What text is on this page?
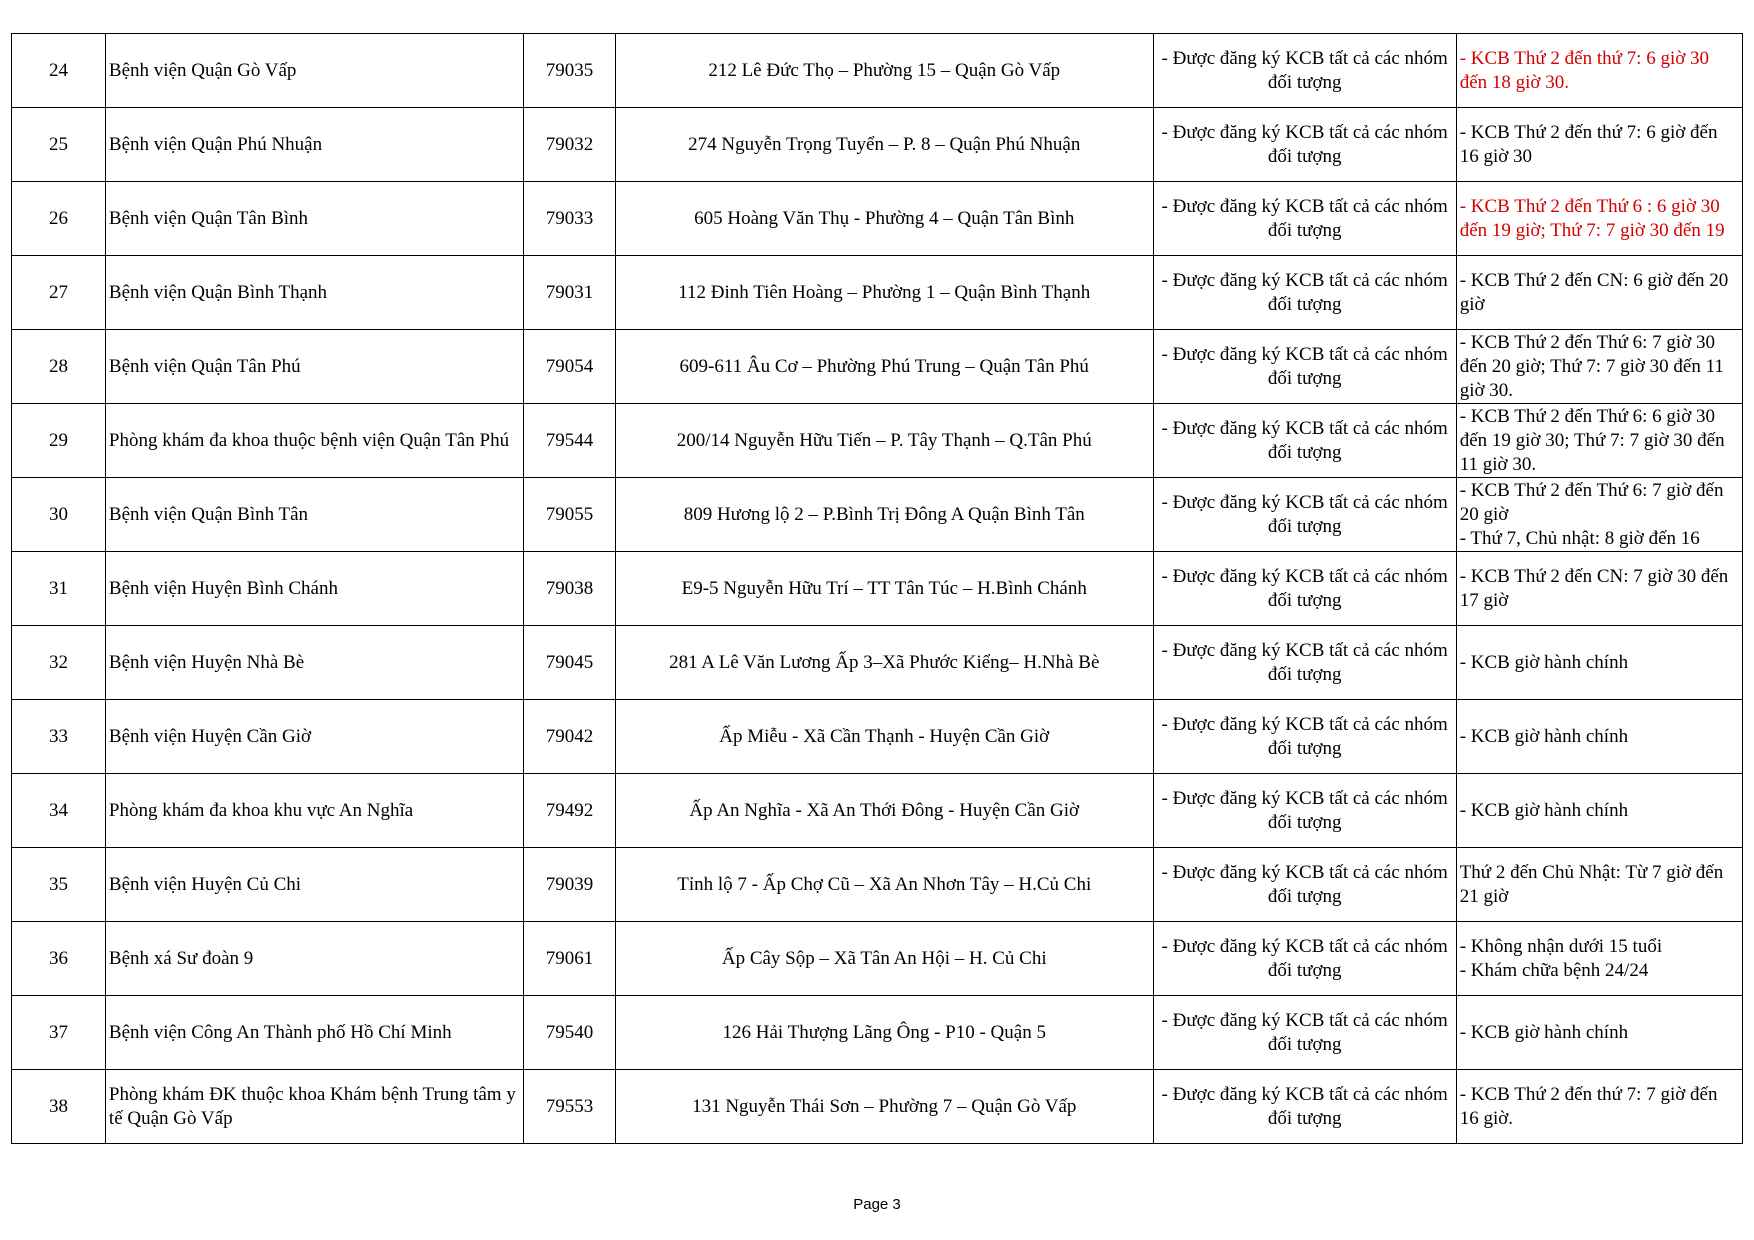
24	Bệnh viện Quận Gò Vấp	79035	212 Lê Đức Thọ – Phường 15 – Quận Gò Vấp	- Được đăng ký KCB tất cả các nhóm đối tượng	- KCB Thứ 2 đến thứ 7: 6 giờ 30 đến 18 giờ 30.
25	Bệnh viện Quận Phú Nhuận	79032	274 Nguyễn Trọng Tuyển – P. 8 – Quận Phú Nhuận	- Được đăng ký KCB tất cả các nhóm đối tượng	- KCB Thứ 2 đến thứ 7: 6 giờ đến 16 giờ 30
26	Bệnh viện Quận Tân Bình	79033	605 Hoàng Văn Thụ - Phường 4 – Quận Tân Bình	- Được đăng ký KCB tất cả các nhóm đối tượng	- KCB Thứ 2 đến Thứ 6 : 6 giờ 30 đến 19 giờ; Thứ 7: 7 giờ 30 đến 19
27	Bệnh viện Quận Bình Thạnh	79031	112 Đinh Tiên Hoàng – Phường 1 – Quận Bình Thạnh	- Được đăng ký KCB tất cả các nhóm đối tượng	- KCB Thứ 2 đến CN: 6 giờ đến 20 giờ
28	Bệnh viện Quận Tân Phú	79054	609-611 Âu Cơ – Phường Phú Trung – Quận Tân Phú	- Được đăng ký KCB tất cả các nhóm đối tượng	- KCB Thứ 2 đến Thứ 6: 7 giờ 30 đến 20 giờ; Thứ 7: 7 giờ 30 đến 11 giờ 30.
29	Phòng khám đa khoa thuộc bệnh viện Quận Tân Phú	79544	200/14 Nguyễn Hữu Tiến – P. Tây Thạnh – Q.Tân Phú	- Được đăng ký KCB tất cả các nhóm đối tượng	- KCB Thứ 2 đến Thứ 6: 6 giờ 30 đến 19 giờ 30; Thứ 7: 7 giờ 30 đến 11 giờ 30.
30	Bệnh viện Quận Bình Tân	79055	809 Hương lộ 2 – P.Bình Trị Đông A Quận Bình Tân	- Được đăng ký KCB tất cả các nhóm đối tượng	- KCB Thứ 2 đến Thứ 6: 7 giờ đến 20 giờ
- Thứ 7, Chủ nhật: 8 giờ đến 16
31	Bệnh viện Huyện Bình Chánh	79038	E9-5 Nguyễn Hữu Trí – TT Tân Túc – H.Bình Chánh	- Được đăng ký KCB tất cả các nhóm đối tượng	- KCB Thứ 2 đến CN: 7 giờ 30 đến 17 giờ
32	Bệnh viện Huyện Nhà Bè	79045	281 A Lê Văn Lương Ấp 3–Xã Phước Kiểng– H.Nhà Bè	- Được đăng ký KCB tất cả các nhóm đối tượng	- KCB giờ hành chính
33	Bệnh viện Huyện Cần Giờ	79042	Ấp Miễu - Xã Cần Thạnh - Huyện Cần Giờ	- Được đăng ký KCB tất cả các nhóm đối tượng	- KCB giờ hành chính
34	Phòng khám đa khoa khu vực An Nghĩa	79492	Ấp An Nghĩa - Xã An Thới Đông - Huyện Cần Giờ	- Được đăng ký KCB tất cả các nhóm đối tượng	- KCB giờ hành chính
35	Bệnh viện Huyện Củ Chi	79039	Tỉnh lộ 7 - Ấp Chợ Cũ – Xã An Nhơn Tây – H.Củ Chi	- Được đăng ký KCB tất cả các nhóm đối tượng	Thứ 2 đến Chủ Nhật: Từ 7 giờ đến 21 giờ
36	Bệnh xá Sư đoàn 9	79061	Ấp Cây Sộp – Xã Tân An Hội – H. Củ Chi	- Được đăng ký KCB tất cả các nhóm đối tượng	- Không nhận dưới 15 tuổi
- Khám chữa bệnh 24/24
37	Bệnh viện Công An Thành phố Hồ Chí Minh	79540	126 Hải Thượng Lãng Ông - P10 - Quận 5	- Được đăng ký KCB tất cả các nhóm đối tượng	- KCB giờ hành chính
38	Phòng khám ĐK thuộc khoa Khám bệnh Trung tâm y tế Quận Gò Vấp	79553	131 Nguyễn Thái Sơn – Phường 7 – Quận Gò Vấp	- Được đăng ký KCB tất cả các nhóm đối tượng	- KCB Thứ 2 đến thứ 7: 7 giờ đến 16 giờ.
Page 3
